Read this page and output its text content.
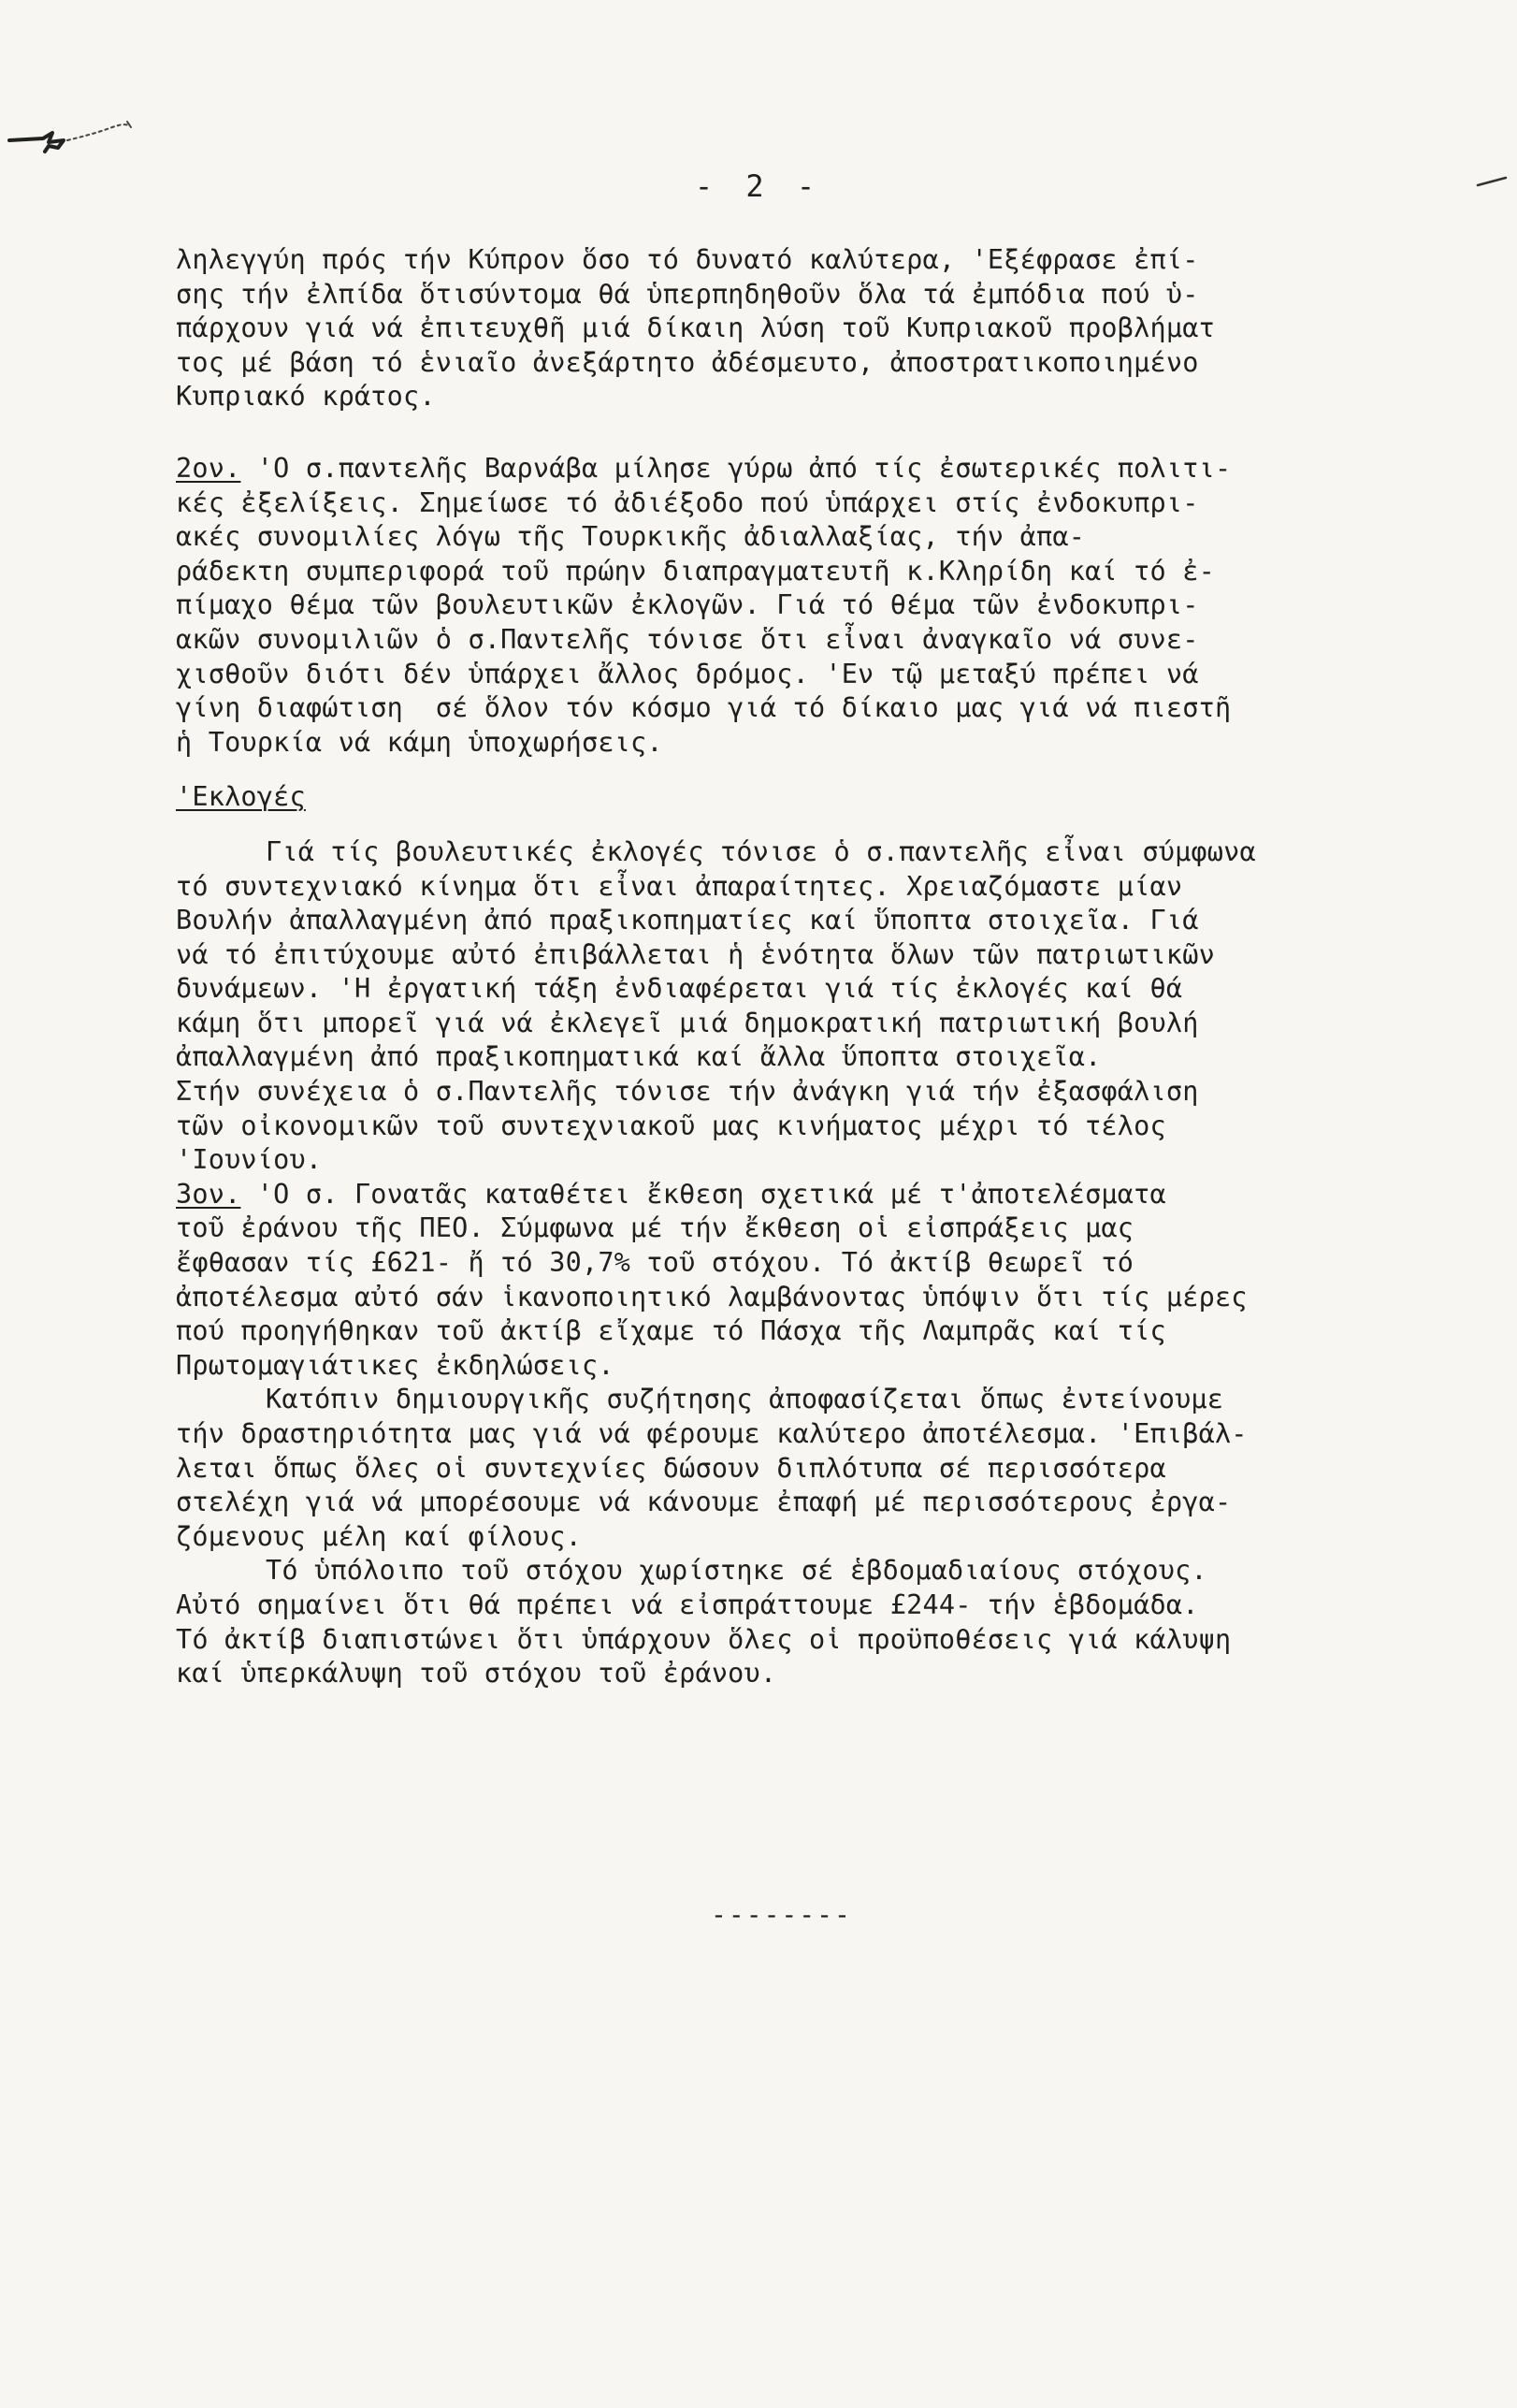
- 2 -
ληλεγγύη πρός τήν Κύπρον ὅσο τό δυνατό καλύτερα, 'Εξέφρασε ἐπί-
σης τήν ἐλπίδα ὅτισύντομα θά ὑπερπηδηθοῦν ὅλα τά ἐμπόδια πού ὑ-
πάρχουν γιά νά ἐπιτευχθῆ μιά δίκαιη λύση τοῦ Κυπριακοῦ προβλήματ
τος μέ βάση τό ἑνιαῖο ἀνεξάρτητο ἀδέσμευτο, ἀποστρατικοποιημένο
Κυπριακό κράτος.
2ον. 'Ο σ.παντελῆς Βαρνάβα μίλησε γύρω ἀπό τίς ἐσωτερικές πολιτι-
κές ἐξελίξεις. Σημείωσε τό ἀδιέξοδο πού ὑπάρχει στίς ἐνδοκυπρι-
ακές συνομιλίες λόγω τῆς Τουρκικῆς ἀδιαλλαξίας, τήν ἀπα-
ράδεκτη συμπεριφορά τοῦ πρώην διαπραγματευτῆ κ.Κληρίδη καί τό ἐ-
πίμαχο θέμα τῶν βουλευτικῶν ἐκλογῶν. Γιά τό θέμα τῶν ἐνδοκυπρι-
ακῶν συνομιλιῶν ὁ σ.Παντελῆς τόνισε ὅτι εἶναι ἀναγκαῖο νά συνε-
χισθοῦν διότι δέν ὑπάρχει ἄλλος δρόμος. 'Εν τῷ μεταξύ πρέπει νά
γίνη διαφώτιση  σέ ὅλον τόν κόσμο γιά τό δίκαιο μας γιά νά πιεστῆ
ἡ Τουρκία νά κάμη ὑποχωρήσεις.
'Εκλογές
Γιά τίς βουλευτικές ἐκλογές τόνισε ὁ σ.παντελῆς εἶναι σύμφωνα
τό συντεχνιακό κίνημα ὅτι εἶναι ἀπαραίτητες. Χρειαζόμαστε μίαν
Βουλήν ἀπαλλαγμένη ἀπό πραξικοπηματίες καί ὕποπτα στοιχεῖα. Γιά
νά τό ἐπιτύχουμε αὐτό ἐπιβάλλεται ἡ ἑνότητα ὅλων τῶν πατριωτικῶν
δυνάμεων. 'Η ἐργατική τάξη ἐνδιαφέρεται γιά τίς ἐκλογές καί θά
κάμη ὅτι μπορεῖ γιά νά ἐκλεγεῖ μιά δημοκρατική πατριωτική βουλή
ἀπαλλαγμένη ἀπό πραξικοπηματικά καί ἄλλα ὕποπτα στοιχεῖα.
Στήν συνέχεια ὁ σ.Παντελῆς τόνισε τήν ἀνάγκη γιά τήν ἐξασφάλιση
τῶν οἰκονομικῶν τοῦ συντεχνιακοῦ μας κινήματος μέχρι τό τέλος
'Ιουνίου.
3ον. 'Ο σ. Γονατᾶς καταθέτει ἔκθεση σχετικά μέ τ'ἀποτελέσματα
τοῦ ἐράνου τῆς ΠΕΟ. Σύμφωνα μέ τήν ἔκθεση οἱ εἰσπράξεις μας
ἔφθασαν τίς £621- ἤ τό 30,7% τοῦ στόχου. Τό ἀκτίβ θεωρεῖ τό
ἀποτέλεσμα αὐτό σάν ἱκανοποιητικό λαμβάνοντας ὑπόψιν ὅτι τίς μέρες
πού προηγήθηκαν τοῦ ἀκτίβ εἴχαμε τό Πάσχα τῆς Λαμπρᾶς καί τίς
Πρωτομαγιάτικες ἐκδηλώσεις.
Κατόπιν δημιουργικῆς συζήτησης ἀποφασίζεται ὅπως ἐντείνουμε
τήν δραστηριότητα μας γιά νά φέρουμε καλύτερο ἀποτέλεσμα. 'Επιβάλ-
λεται ὅπως ὅλες οἱ συντεχνίες δώσουν διπλότυπα σέ περισσότερα
στελέχη γιά νά μπορέσουμε νά κάνουμε ἐπαφή μέ περισσότερους ἐργα-
ζόμενους μέλη καί φίλους.
Τό ὑπόλοιπο τοῦ στόχου χωρίστηκε σέ ἑβδομαδιαίους στόχους.
Αὐτό σημαίνει ὅτι θά πρέπει νά εἰσπράττουμε £244- τήν ἑβδομάδα.
Τό ἀκτίβ διαπιστώνει ὅτι ὑπάρχουν ὅλες οἱ προϋποθέσεις γιά κάλυψη
καί ὑπερκάλυψη τοῦ στόχου τοῦ ἐράνου.
--------
